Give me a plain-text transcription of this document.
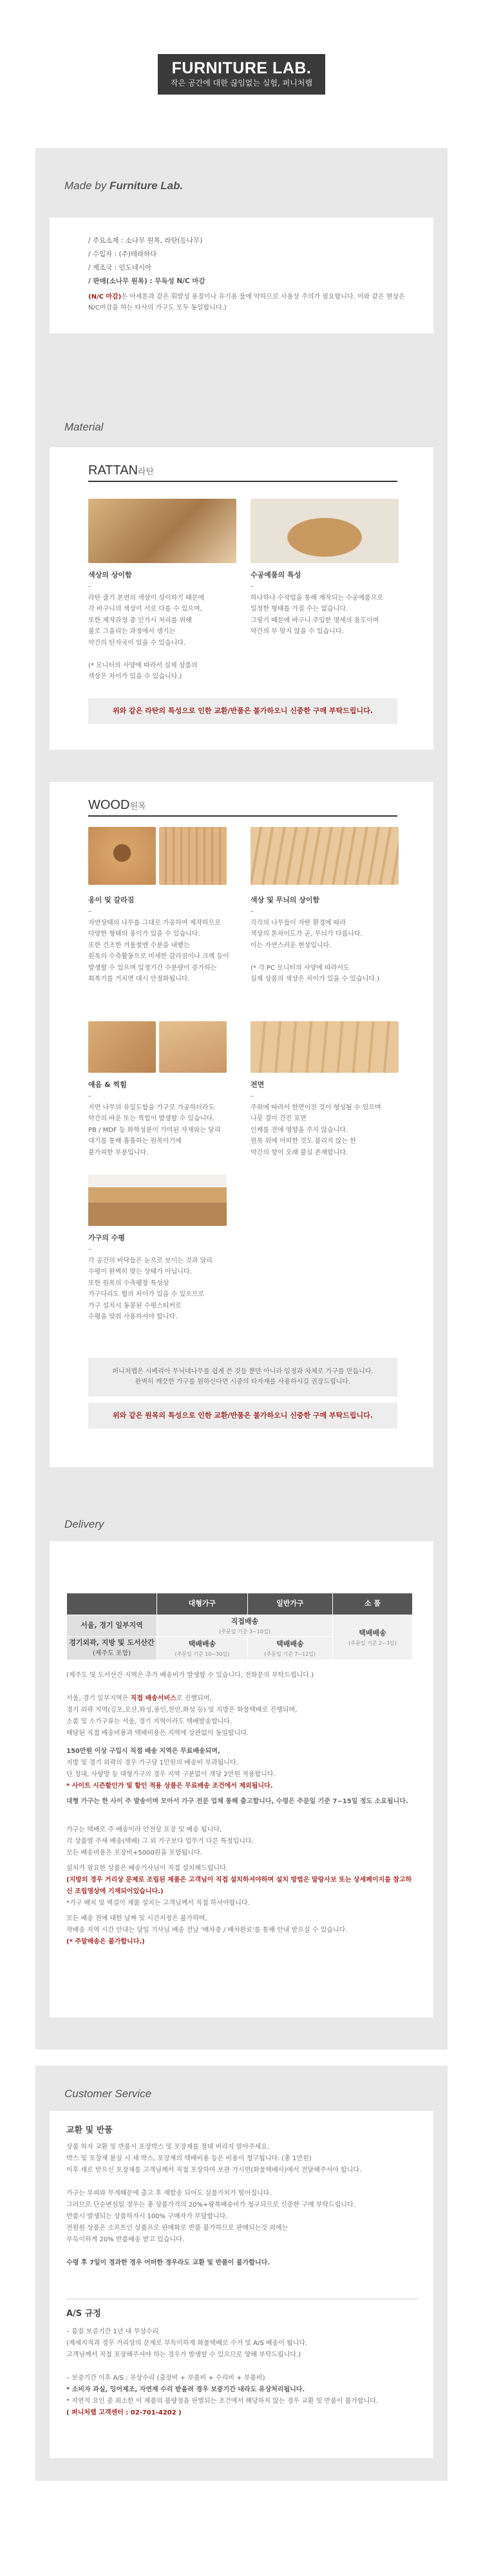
FURNITURE LAB.
작은 공간에 대한 끊임없는 실험, 퍼니처랩
Made by Furniture Lab.
/ 주요소재 : 소나무 원목, 라탄(등나무)
/ 수입자 : (주)테라하다
/ 제조국 : 인도네시아
/ 판매(소나무 원목) : 무독성 N/C 마감
(N/C 마감)은 아세톤과 같은 휘발성 용질이나 유기용 물에 약하므로 사용상 주의가 필요합니다. 이와 같은 현상은 N/C마감을 하는 타사의 가구도 모두 동일합니다.)
Material
RATTAN라탄
색상의 상이함

–

라탄 줄기 본연의 색상이 상이하기 때문에

각 바구니의 색상이 서로 다를 수 있으며,

또한 제작과정 중 인가시 처리를 위해

불로 그을리는 과정에서 생기는

약간의 탄자국이 있을 수 있습니다.

(* 모니터의 사양에 따라서 실제 상품의

색상은 차이가 있을 수 있습니다.)

수공예품의 특성

–

하나하나 수작업을 통해 제작되는 수공예품으로

일정한 형태를 가질 수는 없습니다.

그렇기 때문에 바구니 주입한 명세의 용도이며

약간의 부 맞지 않을 수 있습니다.

위와 같은 라탄의 특성으로 인한 교환/반품은 불가하오니 신중한 구매 부탁드립니다.
WOOD원목
옹이 및 갈라짐

–

자연상태의 나무를 그대로 가공하여 제작하므로

다양한 형태의 옹이가 있을 수 있습니다.

또한 건조한 겨울철엔 수분을 내뱉는

원목의 수축활동으로 미세한 갈라짐이나 크랙 등이

발생할 수 있으며 일정기간 수분량이 증가하는

회복기를 거치면 대시 안정화됩니다.

색상 및 무늬의 상이함

–

각각의 나무들이 자란 환경에 따라

색상의 톤차이도가 곧, 무늬가 다릅니다.

이는 자연스러운 현상입니다.

(* 각 PC 모니터의 사양에 따라서도

실제 상품의 색상은 차이가 있을 수 있습니다.)

얘음 & 찍힘

–

지면 나무의 유일도함을 가구로 가공하더라도

약간의 바운 또는 찍힘이 발생할 수 있습니다.

PB / MDF 등 화학성분이 가미된 자재와는 달리

대기를 통해 흡흡하는 원목이기에

불가피한 부분입니다.

전면

–

주위에 따라서 한면이전 것이 형성될 수 있으며

나뭇 결이 간진 표면

인케를 전에 영향을 주지 않습니다.

원목 위에 어떠한 것도 불리지 않는 한

약간의 향이 오래 불실 존재합니다.

가구의 수평

–

각 공간의 바닥들은 눈으로 보이는 것과 달리

수평이 완벽히 맞는 상태가 아닙니다.

또한 원목의 수축팽창 특성상

가구다리도 뜀의 차이가 있을 수 있으므로

가구 설치시 동봉된 수평스티커로

수평을 맞춰 사용하셔야 합니다.

퍼니처랩은 시베리아 무닉네나무를 쉽게 쓴 것들 뿐만 아니라 일정과 차체로 가구를 만듭니다.
완벽히 깨끗한 가구를 원하신다면 시중의 타자재를 사용하시길 권장드립니다.
위와 같은 원목의 특성으로 인한 교환/반품은 불가하오니 신중한 구매 부탁드립니다.
Delivery
	대형가구	일반가구	소 품
서울, 경기 일부지역	직접배송
(주문일 기준 3~10일)		택배배송
(주문일 기준 2~3일)

경기외곽, 지방 및 도서산간
(제주도 포함)	택배배송
(주문일 기준 10~30일)	택배배송
(주문일 기준 7~12일)	
(제주도 및 도서산간 지역은 추가 배송비가 발생할 수 있습니다, 전화문의 부탁드립니다.)
서울, 경기 일부지역은 직접 배송서비스로 진행되며,
경기 외곽 지역(김포,오산,화성,용인,천안,화성 등) 및 지방은 화물택배로 진행되며,
소품 및 소가구류는 서울, 경기 지역이라도 택배발송합니다.
해당된 직접 배송비용과 택배비용은 지역에 상관없이 동일합니다.
150만원 이상 구입시 직접 배송 지역은 무료배송되며,
지방 및 경기 외곽의 경우 가구당 1만원의 배송비 부과됩니다.
단 칭대, 사랑방 등 대형가구의 경우 지역 구분없이 개당 2만원 적용합니다.
* 사이트 시즌할인가 및 할인 적용 상품은 무료배송 조건에서 제외됩니다.
대형 가구는 한 사이 주 발송이며 모아서 가구 전문 업체 통해 출고합니다, 수령은 주문일 기준 7~15일 정도 소요됩니다.
가구는 택배로 주 배송이라 안전상 포장 및 배송 됩니다,
각 상품별 주세 배송(택배) 그 외 가구보다 업무기 다른 특정입니다.
모든 배송비용은 포장비+5000원을 포함됩니다.
설치가 필요한 상품은 배송기사님이 직접 설치해드립니다.
(지방의 경우 거리상 문제로 조립된 제품은 고객님이 직접 설치하셔야하며 설치 방법은 말랑사보 또는 상세페이지를 참고하신 조립영상에 기재되어있습니다.)
*가구 배치 및 벽걸이 제품 설치는 고객님께서 직접 하셔야합니다.
모든 배송 전에 대한 날짜 및 시간지정은 불가하며,
작배송 지역 시간 안내는 당일 기사님 배송 전날 '배차중 / 배차완료'를 통해 안내 받으실 수 있습니다.
(* 주말배송은 불가합니다.)
Customer Service
교환 및 반품
상품 하자 교환 및 반품시 포장박스 및 포장재를 절대 버리지 말아주세요.
박스 및 포장재 분실 시 새 박스, 포장재의 택배비용 등은 비용이 청구됩니다. (총 1만원)
이후 새로 받으신 포장재를 고객님께서 직접 포장하여 보관 가시면(화물택배사)에서 전달해주셔야 합니다.

가구는 부피와 무게때문에 출고 후 재발송 되어도 실물가치가 떨어집니다.
그러므로 단순변심일 경우는 총 상품가격의 20%+왕복배송비가 청구되므로 신중한 구매 부탁드립니다.
반품시 발생되는 상품하자시 100% 구매자가 부담합니다.
전원원 상품은 소프트인 상품으로 판매화로 반품 불가하므로 판매되는것 외에는
부득이하게 20% 반품배송 받고 있습니다.

수령 후 7일이 경과한 경우 어떠한 경우라도 교환 및 반품이 불가합니다.
A/S 규정
– 품질 보증기간 1년 내 무상수리
(제세지적과 경우 거리상의 문제로 부득이하게 화물택배로 수거 및 A/S 배송이 됩니다.
고객님께서 직접 포장해주셔야 하는 경우가 발생할 수 있으므로 양해 부탁드립니다.)

– 보증기간 이후 A/S : 유상수리 (출장비 + 부품비 + 수리비 + 부품비)
* 소비자 과실, 잉어제조, 자연재 수리 받을려 경우 보증기간 내라도 유상처리됩니다.
* 자연적 요인 중 최소한 이 제품의 불량점을 판별되는 조건에서 해당하지 않는 경우 교환 및 반품이 불가합니다.
( 퍼니처랩 고객센터 : 02-701-4202 )
